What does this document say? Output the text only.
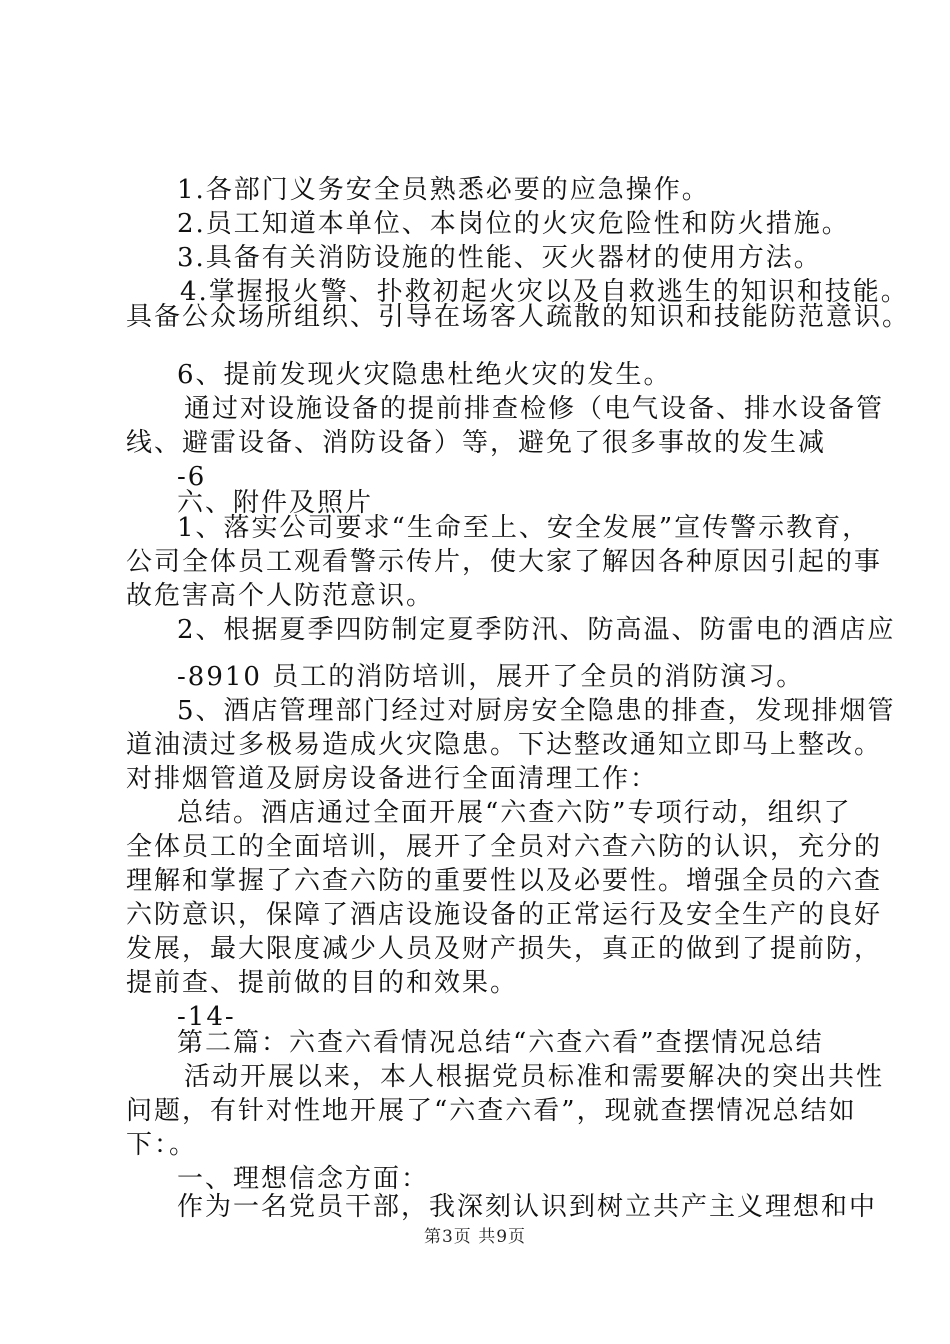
1.各部门义务安全员熟悉必要的应急操作。
2.员工知道本单位、本岗位的火灾危险性和防火措施。
3.具备有关消防设施的性能、灭火器材的使用方法。
4.掌握报火警、扑救初起火灾以及自救逃生的知识和技能。
具备公众场所组织、引导在场客人疏散的知识和技能防范意识。
6、提前发现火灾隐患杜绝火灾的发生。
通过对设施设备的提前排查检修（电气设备、排水设备管
线、避雷设备、消防设备）等，避免了很多事故的发生减
-6
六、附件及照片
1、落实公司要求“生命至上、安全发展”宣传警示教育，
公司全体员工观看警示传片，使大家了解因各种原因引起的事
故危害高个人防范意识。
2、根据夏季四防制定夏季防汛、防高温、防雷电的酒店应
-8910 员工的消防培训，展开了全员的消防演习。
5、酒店管理部门经过对厨房安全隐患的排查，发现排烟管
道油渍过多极易造成火灾隐患。下达整改通知立即马上整改。
对排烟管道及厨房设备进行全面清理工作：
总结。酒店通过全面开展“六查六防”专项行动，组织了
全体员工的全面培训，展开了全员对六查六防的认识，充分的
理解和掌握了六查六防的重要性以及必要性。增强全员的六查
六防意识，保障了酒店设施设备的正常运行及安全生产的良好
发展，最大限度减少人员及财产损失，真正的做到了提前防，
提前查、提前做的目的和效果。
-14-
第二篇：六查六看情况总结“六查六看”查摆情况总结
活动开展以来，本人根据党员标准和需要解决的突出共性
问题，有针对性地开展了“六查六看”，现就查摆情况总结如
下：。
一、理想信念方面：
作为一名党员干部，我深刻认识到树立共产主义理想和中
第3页 共9页
